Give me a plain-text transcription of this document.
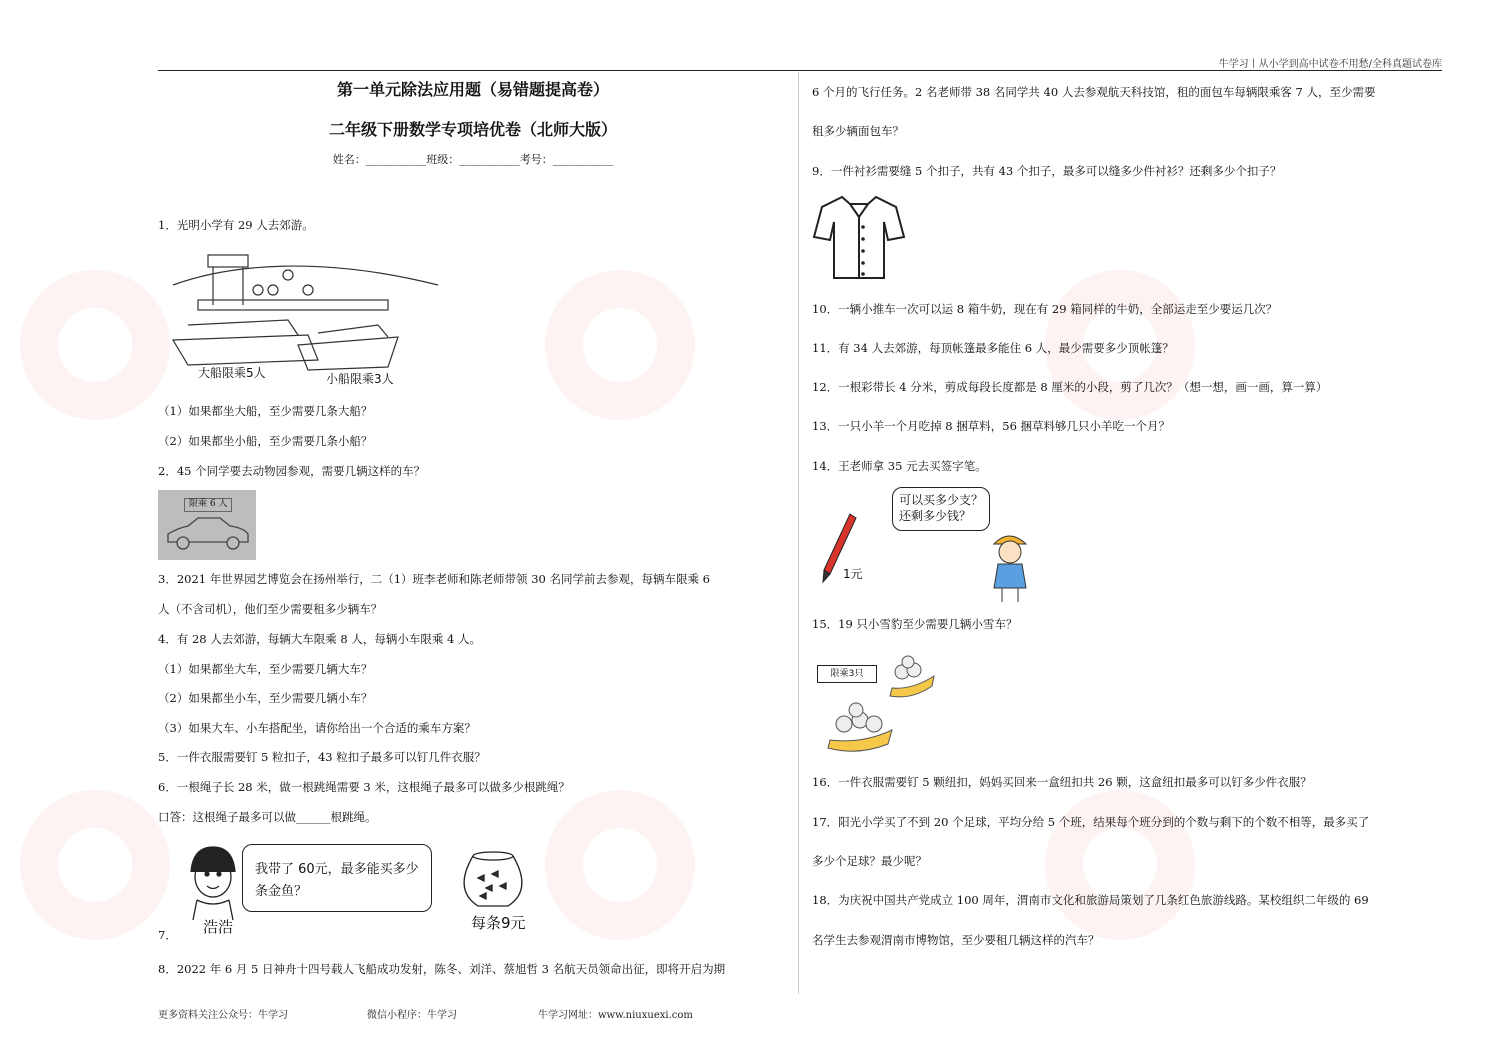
牛学习丨从小学到高中试卷不用愁/全科真题试卷库
第一单元除法应用题（易错题提高卷）
二年级下册数学专项培优卷（北师大版）
姓名：___________班级：___________考号：___________
1．光明小学有 29 人去郊游。
大船限乘5人	小船限乘3人
（1）如果都坐大船，至少需要几条大船？
（2）如果都坐小船，至少需要几条小船？
2．45 个同学要去动物园参观，需要几辆这样的车？
限乘 6 人
3．2021 年世界园艺博览会在扬州举行，二（1）班李老师和陈老师带领 30 名同学前去参观，每辆车限乘 6
人（不含司机），他们至少需要租多少辆车？
4．有 28 人去郊游，每辆大车限乘 8 人，每辆小车限乘 4 人。
（1）如果都坐大车，至少需要几辆大车？
（2）如果都坐小车，至少需要几辆小车？
（3）如果大车、小车搭配坐，请你给出一个合适的乘车方案？
5．一件衣服需要钉 5 粒扣子，43 粒扣子最多可以钉几件衣服？
6．一根绳子长 28 米，做一根跳绳需要 3 米，这根绳子最多可以做多少根跳绳？
口答：这根绳子最多可以做______根跳绳。
浩浩
我带了 60元，最多能买多少条金鱼？
每条9元
7．
8．2022 年 6 月 5 日神舟十四号载人飞船成功发射，陈冬、刘洋、蔡旭哲 3 名航天员领命出征，即将开启为期
6 个月的飞行任务。2 名老师带 38 名同学共 40 人去参观航天科技馆，租的面包车每辆限乘客 7 人，至少需要
租多少辆面包车？
9．一件衬衫需要缝 5 个扣子，共有 43 个扣子，最多可以缝多少件衬衫？还剩多少个扣子？
10．一辆小推车一次可以运 8 箱牛奶，现在有 29 箱同样的牛奶，全部运走至少要运几次？
11．有 34 人去郊游，每顶帐篷最多能住 6 人，最少需要多少顶帐篷？
12．一根彩带长 4 分米，剪成每段长度都是 8 厘米的小段，剪了几次？（想一想，画一画，算一算）
13．一只小羊一个月吃掉 8 捆草料，56 捆草料够几只小羊吃一个月？
14．王老师拿 35 元去买签字笔。
1元
可以买多少支？还剩多少钱？
15．19 只小雪豹至少需要几辆小雪车？
限乘3只
16．一件衣服需要钉 5 颗纽扣，妈妈买回来一盒纽扣共 26 颗，这盒纽扣最多可以钉多少件衣服？
17．阳光小学买了不到 20 个足球，平均分给 5 个班，结果每个班分到的个数与剩下的个数不相等，最多买了
多少个足球？最少呢？
18．为庆祝中国共产党成立 100 周年，渭南市文化和旅游局策划了几条红色旅游线路。某校组织二年级的 69
名学生去参观渭南市博物馆，至少要租几辆这样的汽车？
更多资料关注公众号：牛学习	微信小程序：牛学习	牛学习网址：www.niuxuexi.com
